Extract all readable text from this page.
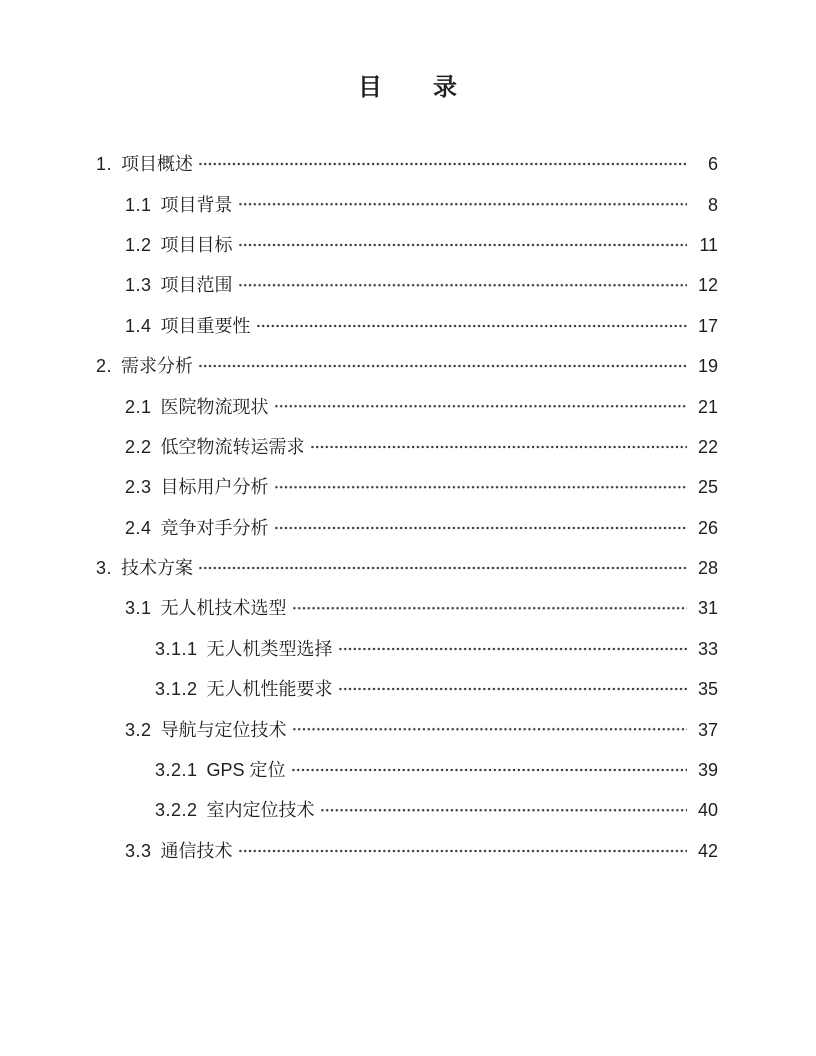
目　　录
1. 项目概述	6
1.1 项目背景	8
1.2 项目目标	11
1.3 项目范围	12
1.4 项目重要性	17
2. 需求分析	19
2.1 医院物流现状	21
2.2 低空物流转运需求	22
2.3 目标用户分析	25
2.4 竞争对手分析	26
3. 技术方案	28
3.1 无人机技术选型	31
3.1.1 无人机类型选择	33
3.1.2 无人机性能要求	35
3.2 导航与定位技术	37
3.2.1 GPS 定位	39
3.2.2 室内定位技术	40
3.3 通信技术	42
